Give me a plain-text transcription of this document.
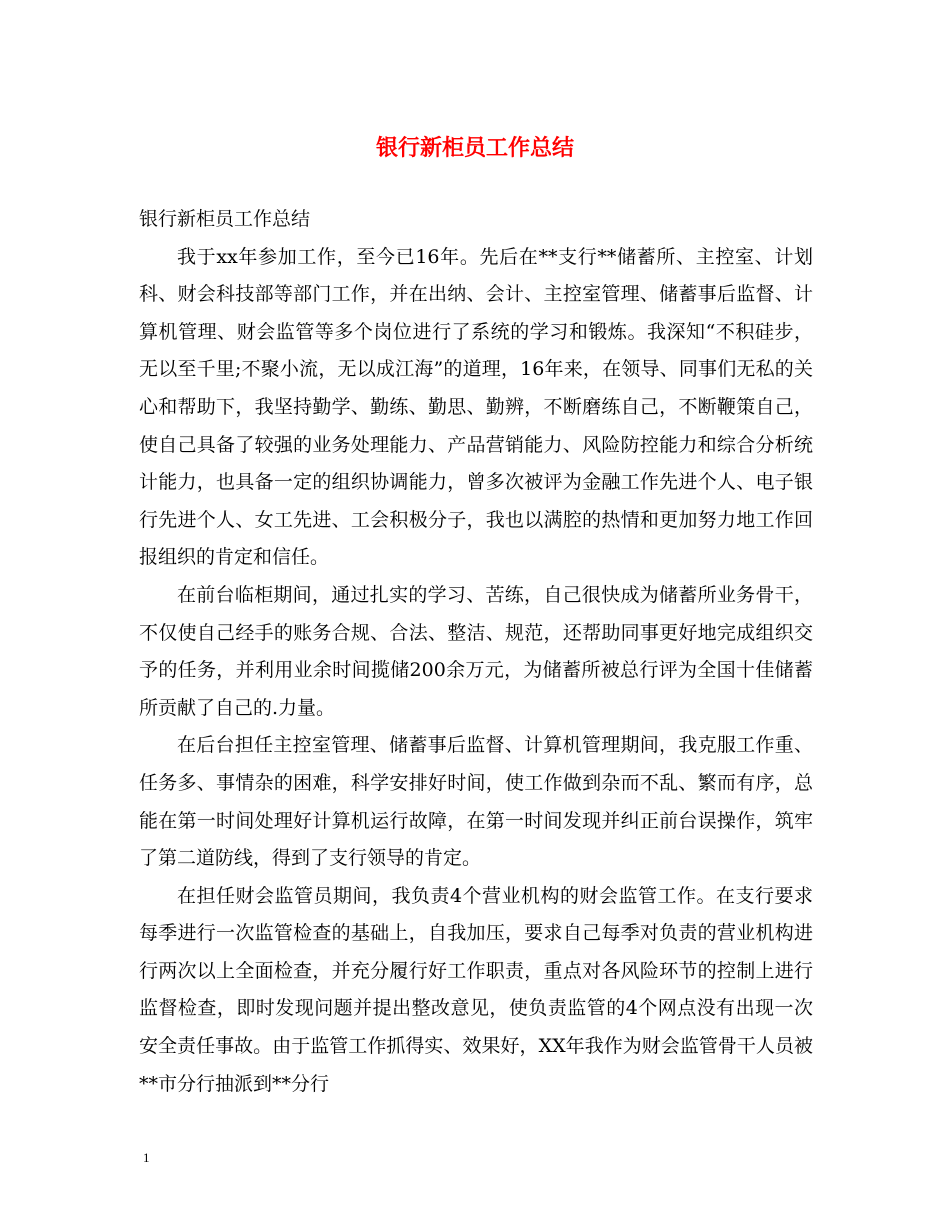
银行新柜员工作总结

银行新柜员工作总结

我于xx年参加工作，至今已16年。先后在**支行**储蓄所、主控室、计划科、财会科技部等部门工作，并在出纳、会计、主控室管理、储蓄事后监督、计算机管理、财会监管等多个岗位进行了系统的学习和锻炼。我深知“不积硅步，无以至千里;不聚小流，无以成江海”的道理，16年来，在领导、同事们无私的关心和帮助下，我坚持勤学、勤练、勤思、勤辨，不断磨练自己，不断鞭策自己，使自己具备了较强的业务处理能力、产品营销能力、风险防控能力和综合分析统计能力，也具备一定的组织协调能力，曾多次被评为金融工作先进个人、电子银行先进个人、女工先进、工会积极分子，我也以满腔的热情和更加努力地工作回报组织的肯定和信任。

在前台临柜期间，通过扎实的学习、苦练，自己很快成为储蓄所业务骨干，不仅使自己经手的账务合规、合法、整洁、规范，还帮助同事更好地完成组织交予的任务，并利用业余时间揽储200余万元，为储蓄所被总行评为全国十佳储蓄所贡献了自己的.力量。

在后台担任主控室管理、储蓄事后监督、计算机管理期间，我克服工作重、任务多、事情杂的困难，科学安排好时间，使工作做到杂而不乱、繁而有序，总能在第一时间处理好计算机运行故障，在第一时间发现并纠正前台误操作，筑牢了第二道防线，得到了支行领导的肯定。

在担任财会监管员期间，我负责4个营业机构的财会监管工作。在支行要求每季进行一次监管检查的基础上，自我加压，要求自己每季对负责的营业机构进行两次以上全面检查，并充分履行好工作职责，重点对各风险环节的控制上进行监督检查，即时发现问题并提出整改意见，使负责监管的4个网点没有出现一次安全责任事故。由于监管工作抓得实、效果好，XX年我作为财会监管骨干人员被**市分行抽派到**分行

1
